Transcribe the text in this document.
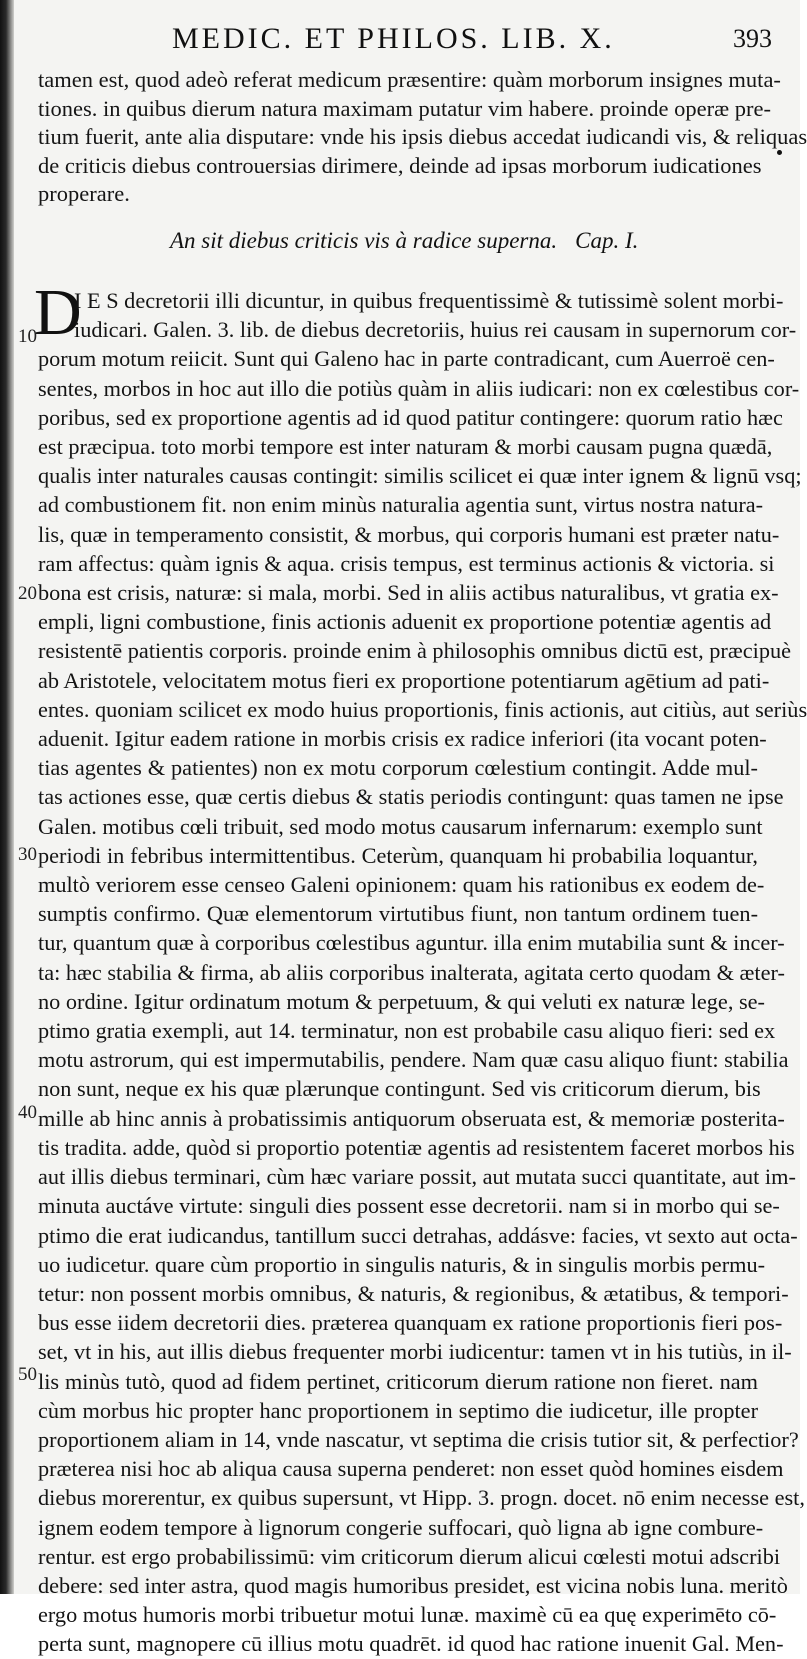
MEDIC. ET PHILOS. LIB. X.	393
tamen est, quod adeò referat medicum præsentire: quàm morborum insignes muta-
tiones. in quibus dierum natura maximam putatur vim habere. proinde operæ pre-
tium fuerit, ante alia disputare: vnde his ipsis diebus accedat iudicandi vis, & reliquas
de criticis diebus controuersias dirimere, deinde ad ipsas morborum iudicationes
properare.
An sit diebus criticis vis à radice superna. Cap. I.
D
I E S decretorii illi dicuntur, in quibus frequentissimè & tutissimè solent morbi-
iudicari. Galen. 3. lib. de diebus decretoriis, huius rei causam in supernorum cor-
porum motum reiicit. Sunt qui Galeno hac in parte contradicant, cum Auerroë cen-
sentes, morbos in hoc aut illo die potiùs quàm in aliis iudicari: non ex cœlestibus cor-
poribus, sed ex proportione agentis ad id quod patitur contingere: quorum ratio hæc
est præcipua. toto morbi tempore est inter naturam & morbi causam pugna quædā,
qualis inter naturales causas contingit: similis scilicet ei quæ inter ignem & lignū vsq;
ad combustionem fit. non enim minùs naturalia agentia sunt, virtus nostra natura-
lis, quæ in temperamento consistit, & morbus, qui corporis humani est præter natu-
ram affectus: quàm ignis & aqua. crisis tempus, est terminus actionis & victoria. si
bona est crisis, naturæ: si mala, morbi. Sed in aliis actibus naturalibus, vt gratia ex-
empli, ligni combustione, finis actionis aduenit ex proportione potentiæ agentis ad
resistentē patientis corporis. proinde enim à philosophis omnibus dictū est, præcipuè
ab Aristotele, velocitatem motus fieri ex proportione potentiarum agētium ad pati-
entes. quoniam scilicet ex modo huius proportionis, finis actionis, aut citiùs, aut seriùs
aduenit. Igitur eadem ratione in morbis crisis ex radice inferiori (ita vocant poten-
tias agentes & patientes) non ex motu corporum cœlestium contingit. Adde mul-
tas actiones esse, quæ certis diebus & statis periodis contingunt: quas tamen ne ipse
Galen. motibus cœli tribuit, sed modo motus causarum infernarum: exemplo sunt
periodi in febribus intermittentibus. Ceterùm, quanquam hi probabilia loquantur,
multò veriorem esse censeo Galeni opinionem: quam his rationibus ex eodem de-
sumptis confirmo. Quæ elementorum virtutibus fiunt, non tantum ordinem tuen-
tur, quantum quæ à corporibus cœlestibus aguntur. illa enim mutabilia sunt & incer-
ta: hæc stabilia & firma, ab aliis corporibus inalterata, agitata certo quodam & æter-
no ordine. Igitur ordinatum motum & perpetuum, & qui veluti ex naturæ lege, se-
ptimo gratia exempli, aut 14. terminatur, non est probabile casu aliquo fieri: sed ex
motu astrorum, qui est impermutabilis, pendere. Nam quæ casu aliquo fiunt: stabilia
non sunt, neque ex his quæ plærunque contingunt. Sed vis criticorum dierum, bis
mille ab hinc annis à probatissimis antiquorum obseruata est, & memoriæ posterita-
tis tradita. adde, quòd si proportio potentiæ agentis ad resistentem faceret morbos his
aut illis diebus terminari, cùm hæc variare possit, aut mutata succi quantitate, aut im-
minuta auctáve virtute: singuli dies possent esse decretorii. nam si in morbo qui se-
ptimo die erat iudicandus, tantillum succi detrahas, addásve: facies, vt sexto aut octa-
uo iudicetur. quare cùm proportio in singulis naturis, & in singulis morbis permu-
tetur: non possent morbis omnibus, & naturis, & regionibus, & ætatibus, & tempori-
bus esse iidem decretorii dies. præterea quanquam ex ratione proportionis fieri pos-
set, vt in his, aut illis diebus frequenter morbi iudicentur: tamen vt in his tutiùs, in il-
lis minùs tutò, quod ad fidem pertinet, criticorum dierum ratione non fieret. nam
cùm morbus hic propter hanc proportionem in septimo die iudicetur, ille propter
proportionem aliam in 14, vnde nascatur, vt septima die crisis tutior sit, & perfectior?
præterea nisi hoc ab aliqua causa superna penderet: non esset quòd homines eisdem
diebus morerentur, ex quibus supersunt, vt Hipp. 3. progn. docet. nō enim necesse est,
ignem eodem tempore à lignorum congerie suffocari, quò ligna ab igne combure-
rentur. est ergo probabilissimū: vim criticorum dierum alicui cœlesti motui adscribi
debere: sed inter astra, quod magis humoribus presidet, est vicina nobis luna. meritò
ergo motus humoris morbi tribuetur motui lunæ. maximè cū ea quę experimēto cō-
perta sunt, magnopere cū illius motu quadrēt. id quod hac ratione inuenit Gal. Men-
10
20
30
40
50
